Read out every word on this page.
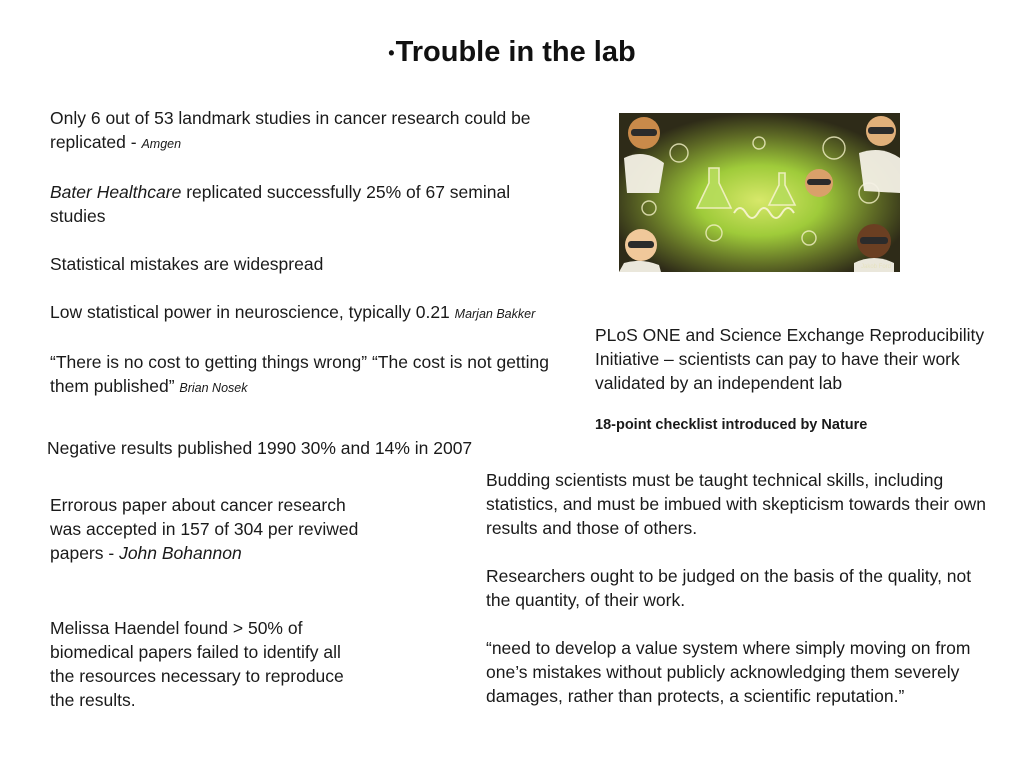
•Trouble in the lab

Only 6 out of 53 landmark studies in cancer research could be replicated - Amgen

Bater Healthcare replicated successfully 25% of 67 seminal studies

Statistical mistakes are widespread

Low statistical power in neuroscience, typically 0.21 Marjan Bakker

“There is no cost to getting things wrong” “The cost is not getting them published” Brian Nosek

Negative results published 1990 30% and 14% in 2007
Errorous paper about cancer research was accepted in 157 of 304 per reviwed papers - John Bohannon
Melissa Haendel found > 50% of biomedical papers failed to identify all the resources necessary to reproduce the results.
Jakob Ford
PLoS ONE and Science Exchange Reproducibility Initiative – scientists can pay to have their work validated by an independent lab
18-point checklist introduced by Nature

Budding scientists must be taught technical skills, including statistics, and must be imbued with skepticism towards their own results and those of others.

Researchers ought to be judged on the basis of the quality, not the quantity, of their work.

“need to develop a value system where simply moving on from one’s mistakes without publicly acknowledging them severely damages, rather than protects, a scientific reputation.”
